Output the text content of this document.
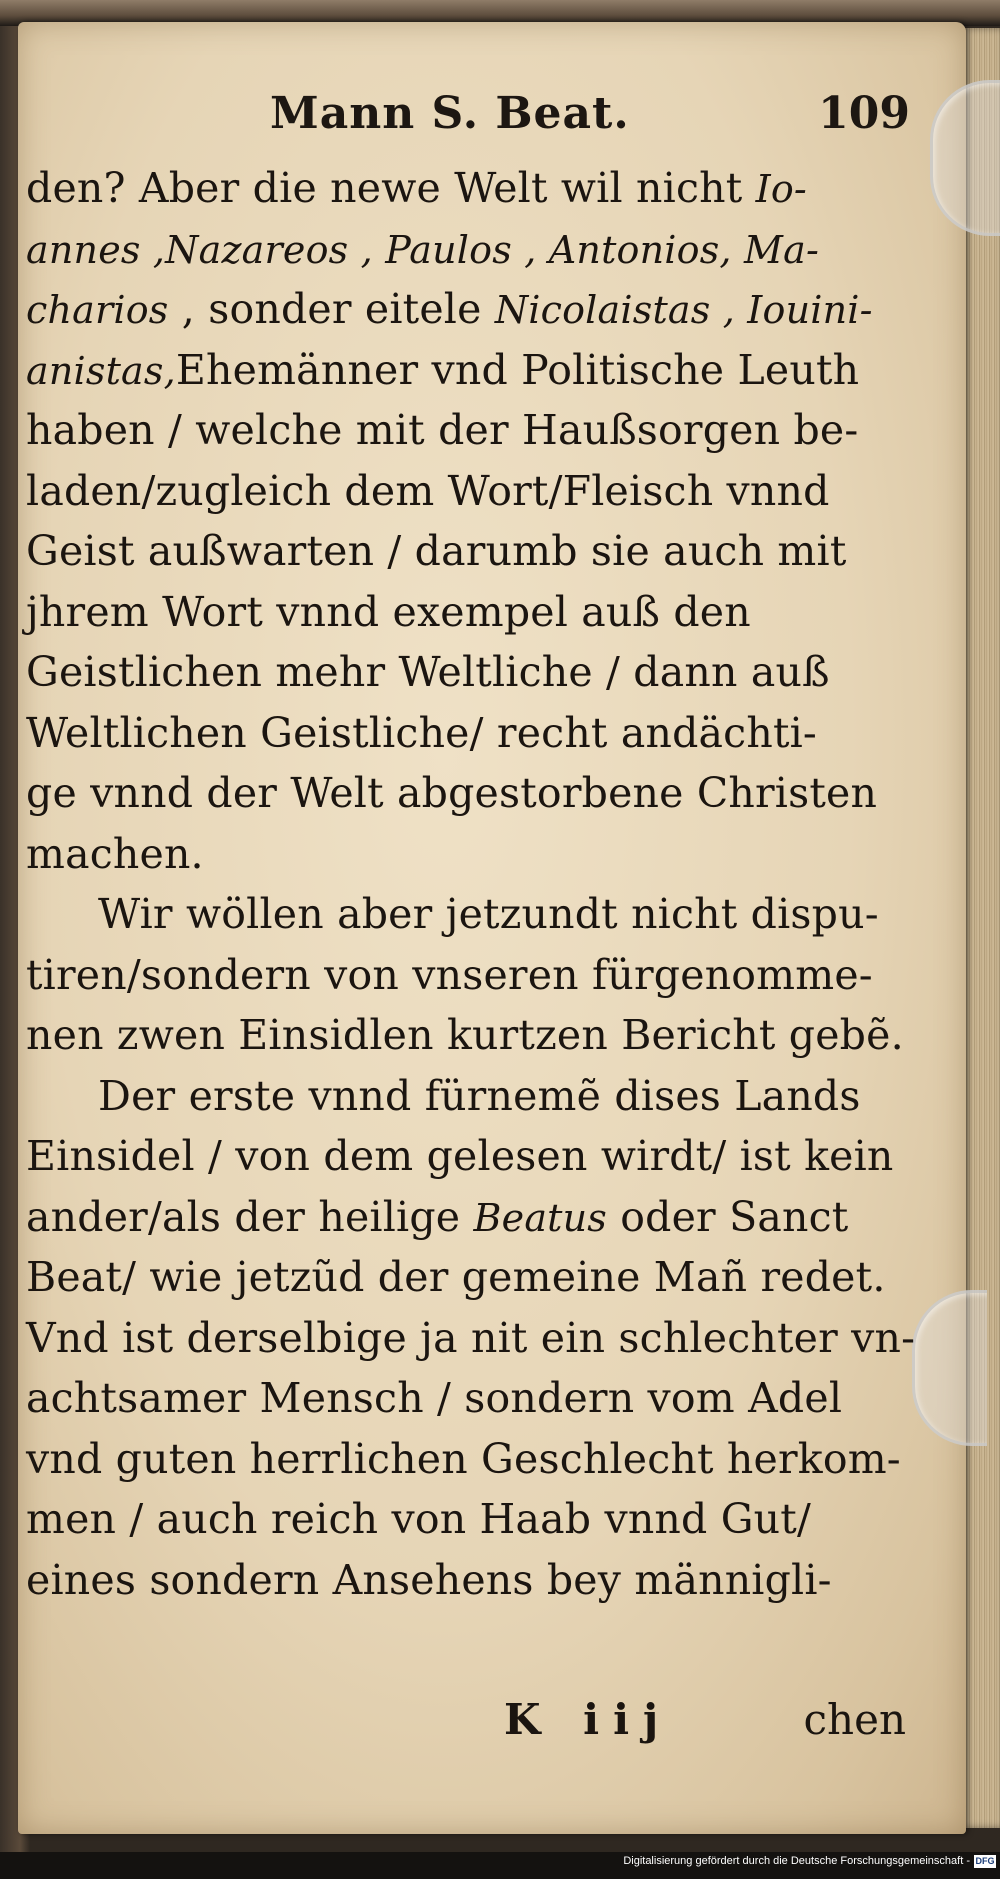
Mann S. Beat.	109
den? Aber die newe Welt wil nicht Io-
annes ,Nazareos , Paulos , Antonios, Ma-
charios , sonder eitele Nicolaistas , Iouini-
anistas,Ehemänner vnd Politische Leuth
haben / welche mit der Haußsorgen be-
laden/zugleich dem Wort/Fleisch vnnd
Geist außwarten / darumb sie auch mit
jhrem Wort vnnd exempel auß den
Geistlichen mehr Weltliche / dann auß
Weltlichen Geistliche/ recht andächti-
ge vnnd der Welt abgestorbene Christen
machen.
Wir wöllen aber jetzundt nicht dispu-
tiren/sondern von vnseren fürgenomme-
nen zwen Einsidlen kurtzen Bericht gebẽ.
Der erste vnnd fürnemẽ dises Lands
Einsidel / von dem gelesen wirdt/ ist kein
ander/als der heilige Beatus oder Sanct
Beat/ wie jetzũd der gemeine Mañ redet.
Vnd ist derselbige ja nit ein schlechter vn-
achtsamer Mensch / sondern vom Adel
vnd guten herrlichen Geschlecht herkom-
men / auch reich von Haab vnnd Gut/
eines sondern Ansehens bey männigli-
K iij	chen
Digitalisierung gefördert durch die Deutsche Forschungsgemeinschaft - DFG
